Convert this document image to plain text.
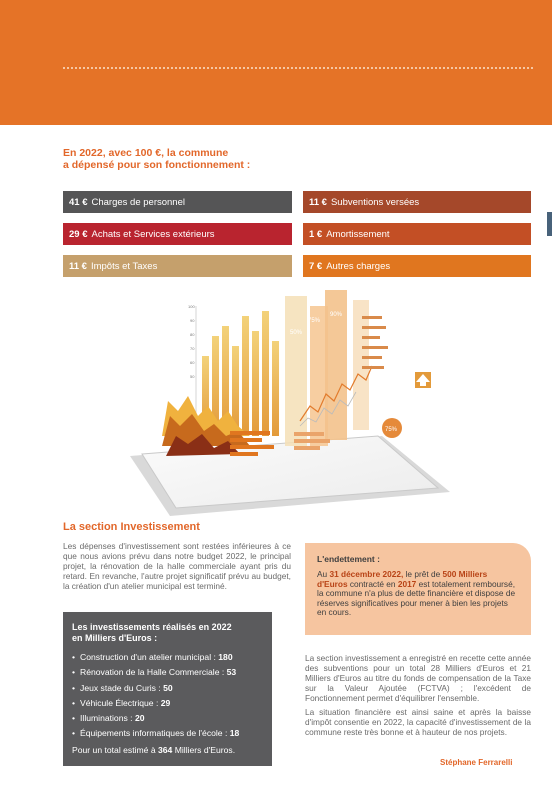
En 2022, avec 100 €, la commune
a dépensé pour son fonctionnement :
41 € Charges de personnel
29 € Achats et Services extérieurs
11 € Impôts et Taxes
11 € Subventions versées
1 € Amortissement
7 € Autres charges
50%
75%
90%
100
90
80
70
60
50
75%
La section Investissement

Les dépenses d'investissement sont restées inférieures à ce que nous avions prévu dans notre budget 2022, le principal projet, la rénovation de la halle commerciale ayant pris du retard. En revanche, l'autre projet significatif prévu au budget, la création d'un atelier municipal est terminé.

Les investissements réalisés en 2022
en Milliers d'Euros :
• Construction d'un atelier municipal : 180
• Rénovation de la Halle Commerciale : 53
• Jeux stade du Curis : 50
• Véhicule Électrique : 29
• Illuminations : 20
• Équipements informatiques de l'école : 18
Pour un total estimé à 364 Milliers d'Euros.
L'endettement :
Au 31 décembre 2022, le prêt de 500 Milliers d'Euros contracté en 2017 est totalement remboursé, la commune n'a plus de dette financière et dispose de réserves significatives pour mener à bien les projets en cours.

La section investissement a enregistré en recette cette année des subventions pour un total 28 Milliers d'Euros et 21 Milliers d'Euros au titre du fonds de compensation de la Taxe sur la Valeur Ajoutée (FCTVA) ; l'excédent de Fonctionnement permet d'équilibrer l'ensemble.

La situation financière est ainsi saine et après la baisse d'impôt consentie en 2022, la capacité d'investissement de la commune reste très bonne et à hauteur de nos projets.

Stéphane Ferrarelli
